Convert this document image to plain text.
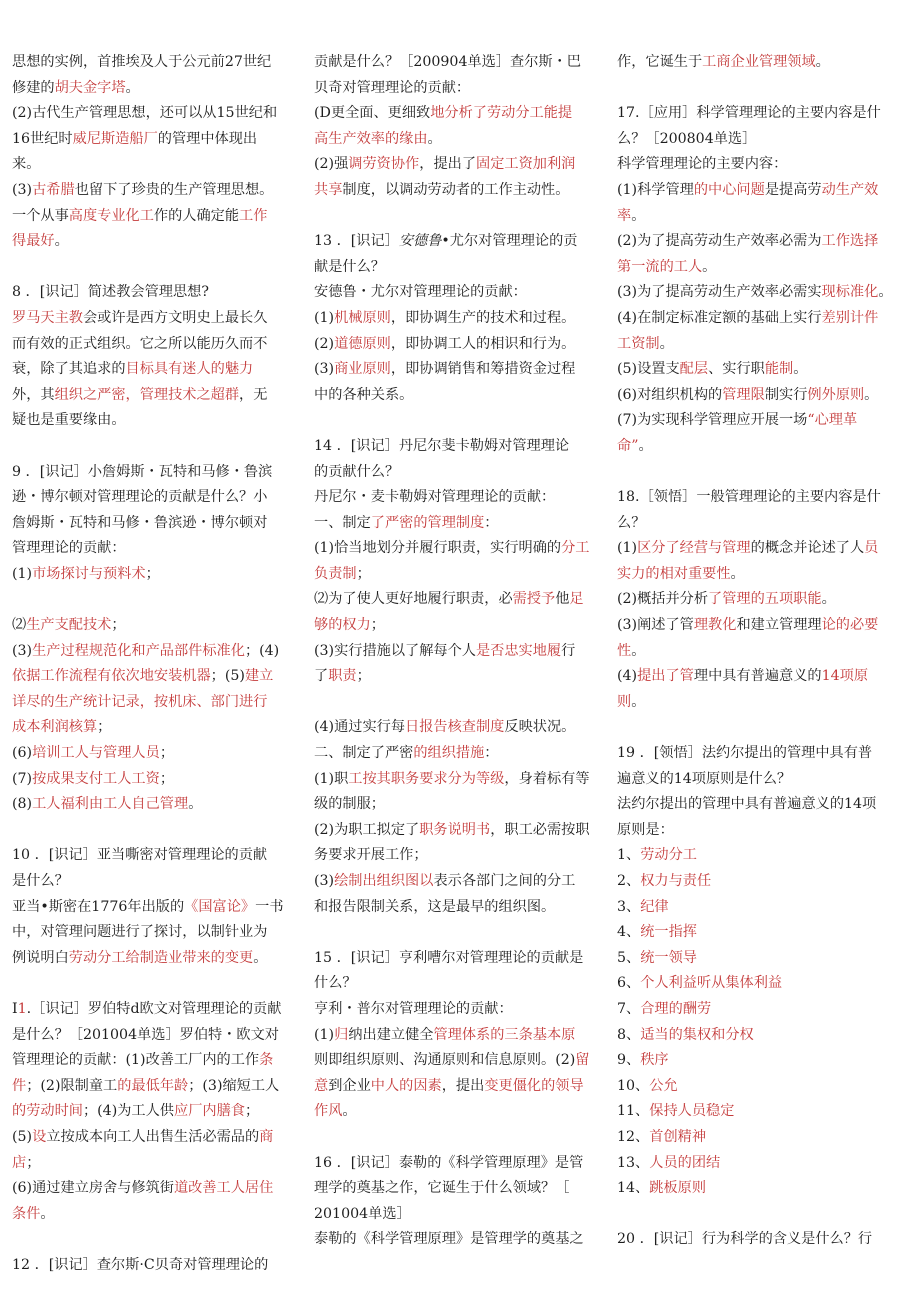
思想的实例，首推埃及人于公元前27世纪
修建的胡夫金字塔。
(2)古代生产管理思想，还可以从15世纪和
16世纪时威尼斯造船厂的管理中体现出
来。
(3)古希腊也留下了珍贵的生产管理思想。
一个从事高度专业化工作的人确定能工作
得最好。
8 ．[识记］简述教会管理思想?
罗马天主教会或许是西方文明史上最长久
而有效的正式组织。它之所以能历久而不
衰，除了其追求的目标具有迷人的魅力
外，其组织之严密，管理技术之超群，无
疑也是重要缘由。
9 ．[识记］小詹姆斯・瓦特和马修・鲁滨
逊・博尔顿对管理理论的贡献是什么？小
詹姆斯・瓦特和马修・鲁滨逊・博尔顿对
管理理论的贡献：
(1)市场探讨与预料术；
⑵生产支配技术；
(3)生产过程规范化和产品部件标准化；(4)
依据工作流程有依次地安装机器；(5)建立
详尽的生产统计记录，按机床、部门进行
成本利润核算；
(6)培训工人与管理人员；
(7)按成果支付工人工资；
(8)工人福利由工人自己管理。
10 ．[识记］亚当嘶密对管理理论的贡献
是什么？
亚当•斯密在1776年出版的《国富论》一书
中，对管理问题进行了探讨，以制针业为
例说明白劳动分工给制造业带来的变更。
I1.［识记］罗伯特d欧文对管理理论的贡献
是什么？［201004单选］罗伯特・欧文对
管理理论的贡献：(1)改善工厂内的工作条
件；(2)限制童工的最低年龄；(3)缩短工人
的劳动时间；(4)为工人供应厂内膳食；
(5)设立按成本向工人出售生活必需品的商
店；
(6)通过建立房舍与修筑街道改善工人居住
条件。
12 ．[识记］查尔斯·C贝奇对管理理论的
贡献是什么？［200904单选］查尔斯・巴
贝奇对管理理论的贡献：
(D更全面、更细致地分析了劳动分工能提
高生产效率的缘由。
(2)强调劳资协作，提出了固定工资加利润
共享制度，以调动劳动者的工作主动性。
13 ．[识记］安德鲁•尤尔对管理理论的贡
献是什么？
安德鲁・尤尔对管理理论的贡献：
(1)机械原则，即协调生产的技术和过程。
(2)道德原则，即协调工人的相识和行为。
(3)商业原则，即协调销售和筹措资金过程
中的各种关系。
14 ．[识记］丹尼尔斐卡勒姆对管理理论
的贡献什么？
丹尼尔・麦卡勒姆对管理理论的贡献：
一、制定了严密的管理制度：
(1)恰当地划分并履行职责，实行明确的分工
负责制；
⑵为了使人更好地履行职责，必需授予他足
够的权力；
(3)实行措施以了解每个人是否忠实地履行
了职责；
(4)通过实行每日报告核查制度反映状况。
二、制定了严密的组织措施：
(1)职工按其职务要求分为等级，身着标有等
级的制服；
(2)为职工拟定了职务说明书，职工必需按职
务要求开展工作；
(3)绘制出组织图以表示各部门之间的分工
和报告限制关系，这是最早的组织图。
15 ．[识记］亨利嘈尔对管理理论的贡献是
什么？
亨利・普尔对管理理论的贡献：
(1)归纳出建立健全管理体系的三条基本原
则即组织原则、沟通原则和信息原则。(2)留
意到企业中人的因素，提出变更僵化的领导
作风。
16 ．[识记］泰勒的《科学管理原理》是管
理学的奠基之作，它诞生于什么领域？［
201004单选］
泰勒的《科学管理原理》是管理学的奠基之
作，它诞生于工商企业管理领域。
17.［应用］科学管理理论的主要内容是什
么？［200804单选］
科学管理理论的主要内容：
(1)科学管理的中心问题是提高劳动生产效
率。
(2)为了提高劳动生产效率必需为工作选择
第一流的工人。
(3)为了提高劳动生产效率必需实现标准化。
(4)在制定标准定额的基础上实行差别计件
工资制。
(5)设置支配层、实行职能制。
(6)对组织机构的管理限制实行例外原则。
(7)为实现科学管理应开展一场“心理革
命”。
18.［领悟］一般管理理论的主要内容是什
么？
(1)区分了经营与管理的概念并论述了人员
实力的相对重要性。
(2)概括并分析了管理的五项职能。
(3)阐述了管理教化和建立管理理论的必要
性。
(4)提出了管理中具有普遍意义的14项原
则。
19 ．[领悟］法约尔提出的管理中具有普
遍意义的14项原则是什么？
法约尔提出的管理中具有普遍意义的14项
原则是：
1、劳动分工
2、权力与责任
3、纪律
4、统一指挥
5、统一领导
6、个人利益听从集体利益
7、合理的酬劳
8、适当的集权和分权
9、秩序
10、公允
11、保持人员稳定
12、首创精神
13、人员的团结
14、跳板原则
20 ．[识记］行为科学的含义是什么？行
